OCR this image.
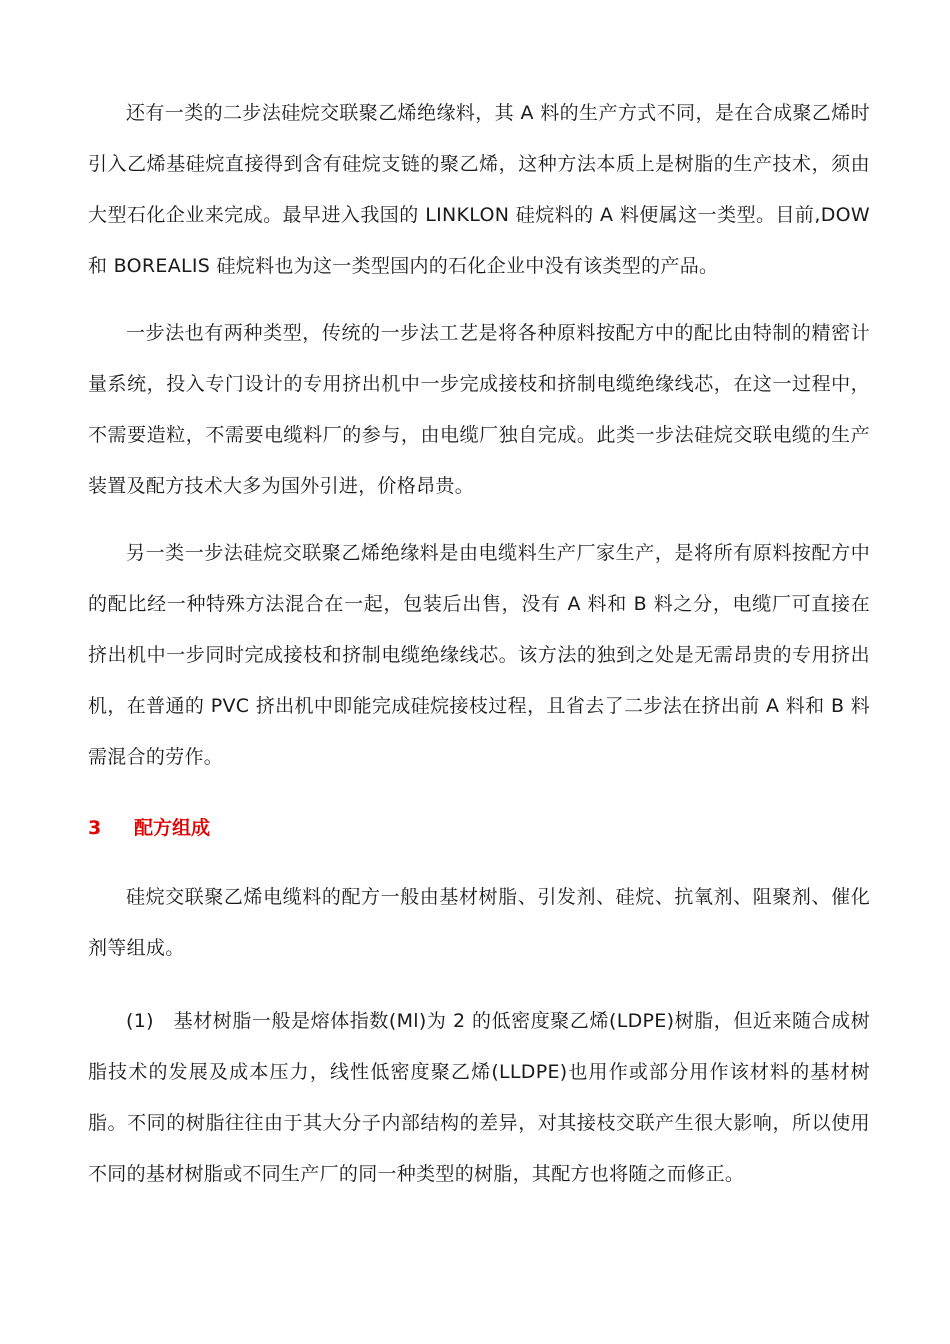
还有一类的二步法硅烷交联聚乙烯绝缘料，其 A 料的生产方式不同，是在合成聚乙烯时引入乙烯基硅烷直接得到含有硅烷支链的聚乙烯，这种方法本质上是树脂的生产技术，须由大型石化企业来完成。最早进入我国的 LINKLON 硅烷料的 A 料便属这一类型。目前,DOW 和 BOREALIS 硅烷料也为这一类型国内的石化企业中没有该类型的产品。

一步法也有两种类型，传统的一步法工艺是将各种原料按配方中的配比由特制的精密计量系统，投入专门设计的专用挤出机中一步完成接枝和挤制电缆绝缘线芯，在这一过程中，不需要造粒，不需要电缆料厂的参与，由电缆厂独自完成。此类一步法硅烷交联电缆的生产装置及配方技术大多为国外引进，价格昂贵。

另一类一步法硅烷交联聚乙烯绝缘料是由电缆料生产厂家生产，是将所有原料按配方中的配比经一种特殊方法混合在一起，包装后出售，没有 A 料和 B 料之分，电缆厂可直接在挤出机中一步同时完成接枝和挤制电缆绝缘线芯。该方法的独到之处是无需昂贵的专用挤出机，在普通的 PVC 挤出机中即能完成硅烷接枝过程，且省去了二步法在挤出前 A 料和 B 料需混合的劳作。

3 配方组成

硅烷交联聚乙烯电缆料的配方一般由基材树脂、引发剂、硅烷、抗氧剂、阻聚剂、催化剂等组成。

(1)　基材树脂一般是熔体指数(Ml)为 2 的低密度聚乙烯(LDPE)树脂，但近来随合成树脂技术的发展及成本压力，线性低密度聚乙烯(LLDPE)也用作或部分用作该材料的基材树脂。不同的树脂往往由于其大分子内部结构的差异，对其接枝交联产生很大影响，所以使用不同的基材树脂或不同生产厂的同一种类型的树脂，其配方也将随之而修正。
